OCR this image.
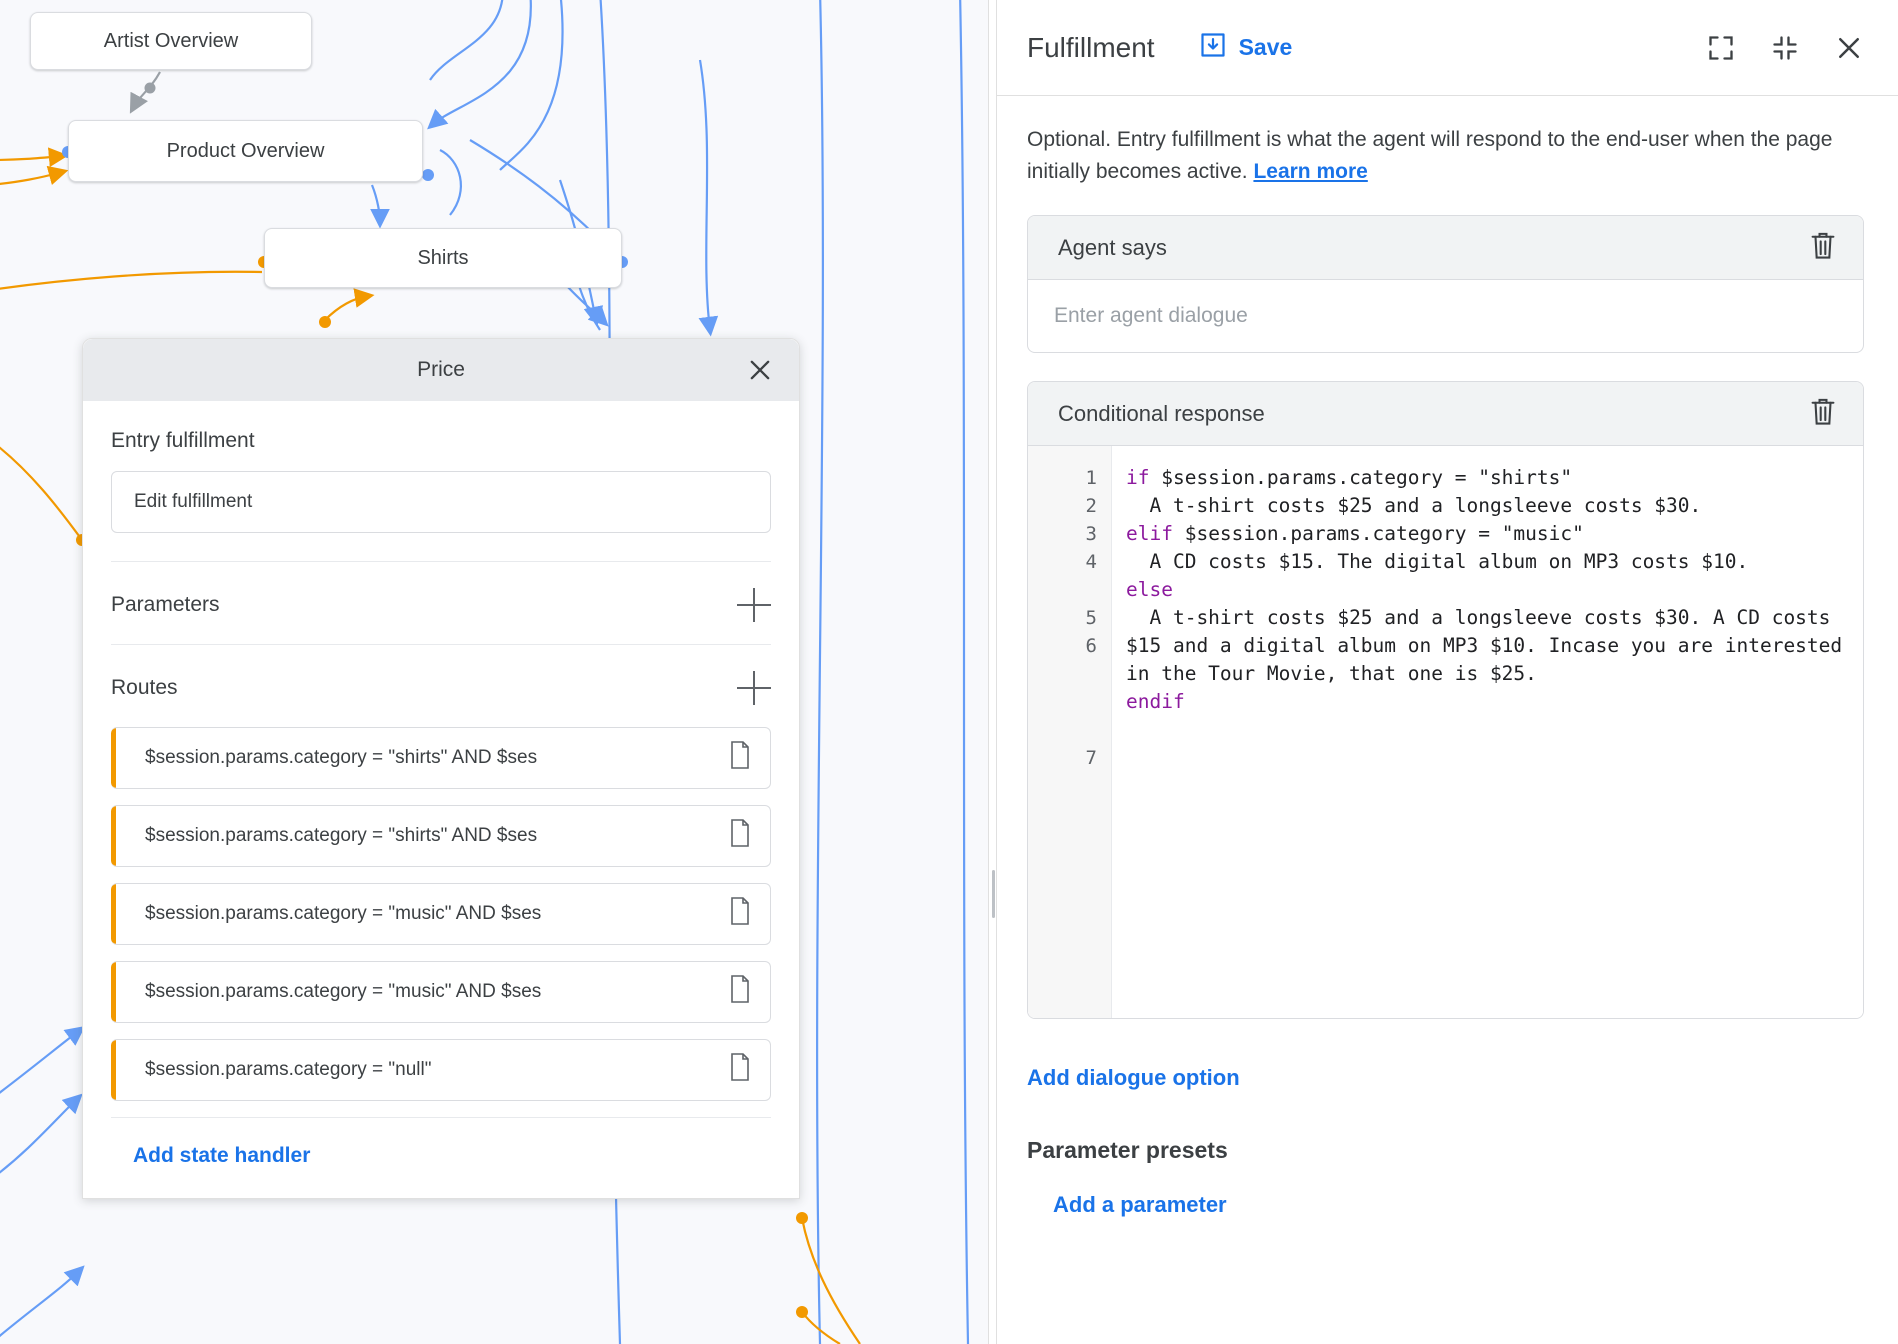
Artist Overview
Product Overview
Shirts
Price
Entry fulfillment
Edit fulfillment
Parameters
Routes
$session.params.category = "shirts" AND $ses
$session.params.category = "shirts" AND $ses
$session.params.category = "music" AND $ses
$session.params.category = "music" AND $ses
$session.params.category = "null"
Add state handler
Fulfillment	Save
Optional. Entry fulfillment is what the agent will respond to the end-user when the page initially becomes active. Learn more
Agent says
Enter agent dialogue
Conditional response
1
2
3
4
5
6
7
if $session.params.category = "shirts"
A t-shirt costs $25 and a longsleeve costs $30.
elif $session.params.category = "music"
A CD costs $15. The digital album on MP3 costs $10.
else
A t-shirt costs $25 and a longsleeve costs $30. A CD costs $15 and a digital album on MP3 $10. Incase you are interested in the Tour Movie, that one is $25.
endif
Add dialogue option
Parameter presets
Add a parameter
